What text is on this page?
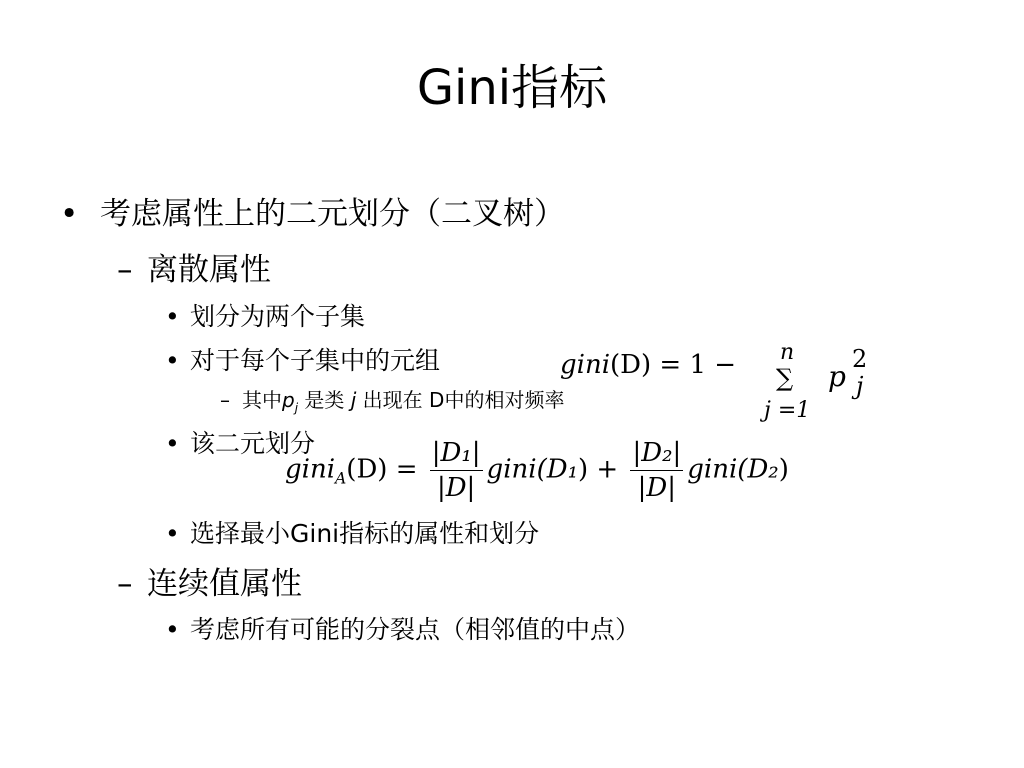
Gini指标
• 考虑属性上的二元划分（二叉树）
– 离散属性
• 划分为两个子集
• 对于每个子集中的元组
– 其中$p_j$ 是类 j 出现在 D中的相对频率
gini(D) = 1 − n
∑
j =1
p
2
j
• 该二元划分
gini$_A$(D) = $\frac{\text{|D₁|}}{|D|}$ gini(D₁) + $\frac{\text{|D₂|}}{|D|}$ gini(D₂)
• 选择最小Gini指标的属性和划分
– 连续值属性
• 考虑所有可能的分裂点（相邻值的中点）
